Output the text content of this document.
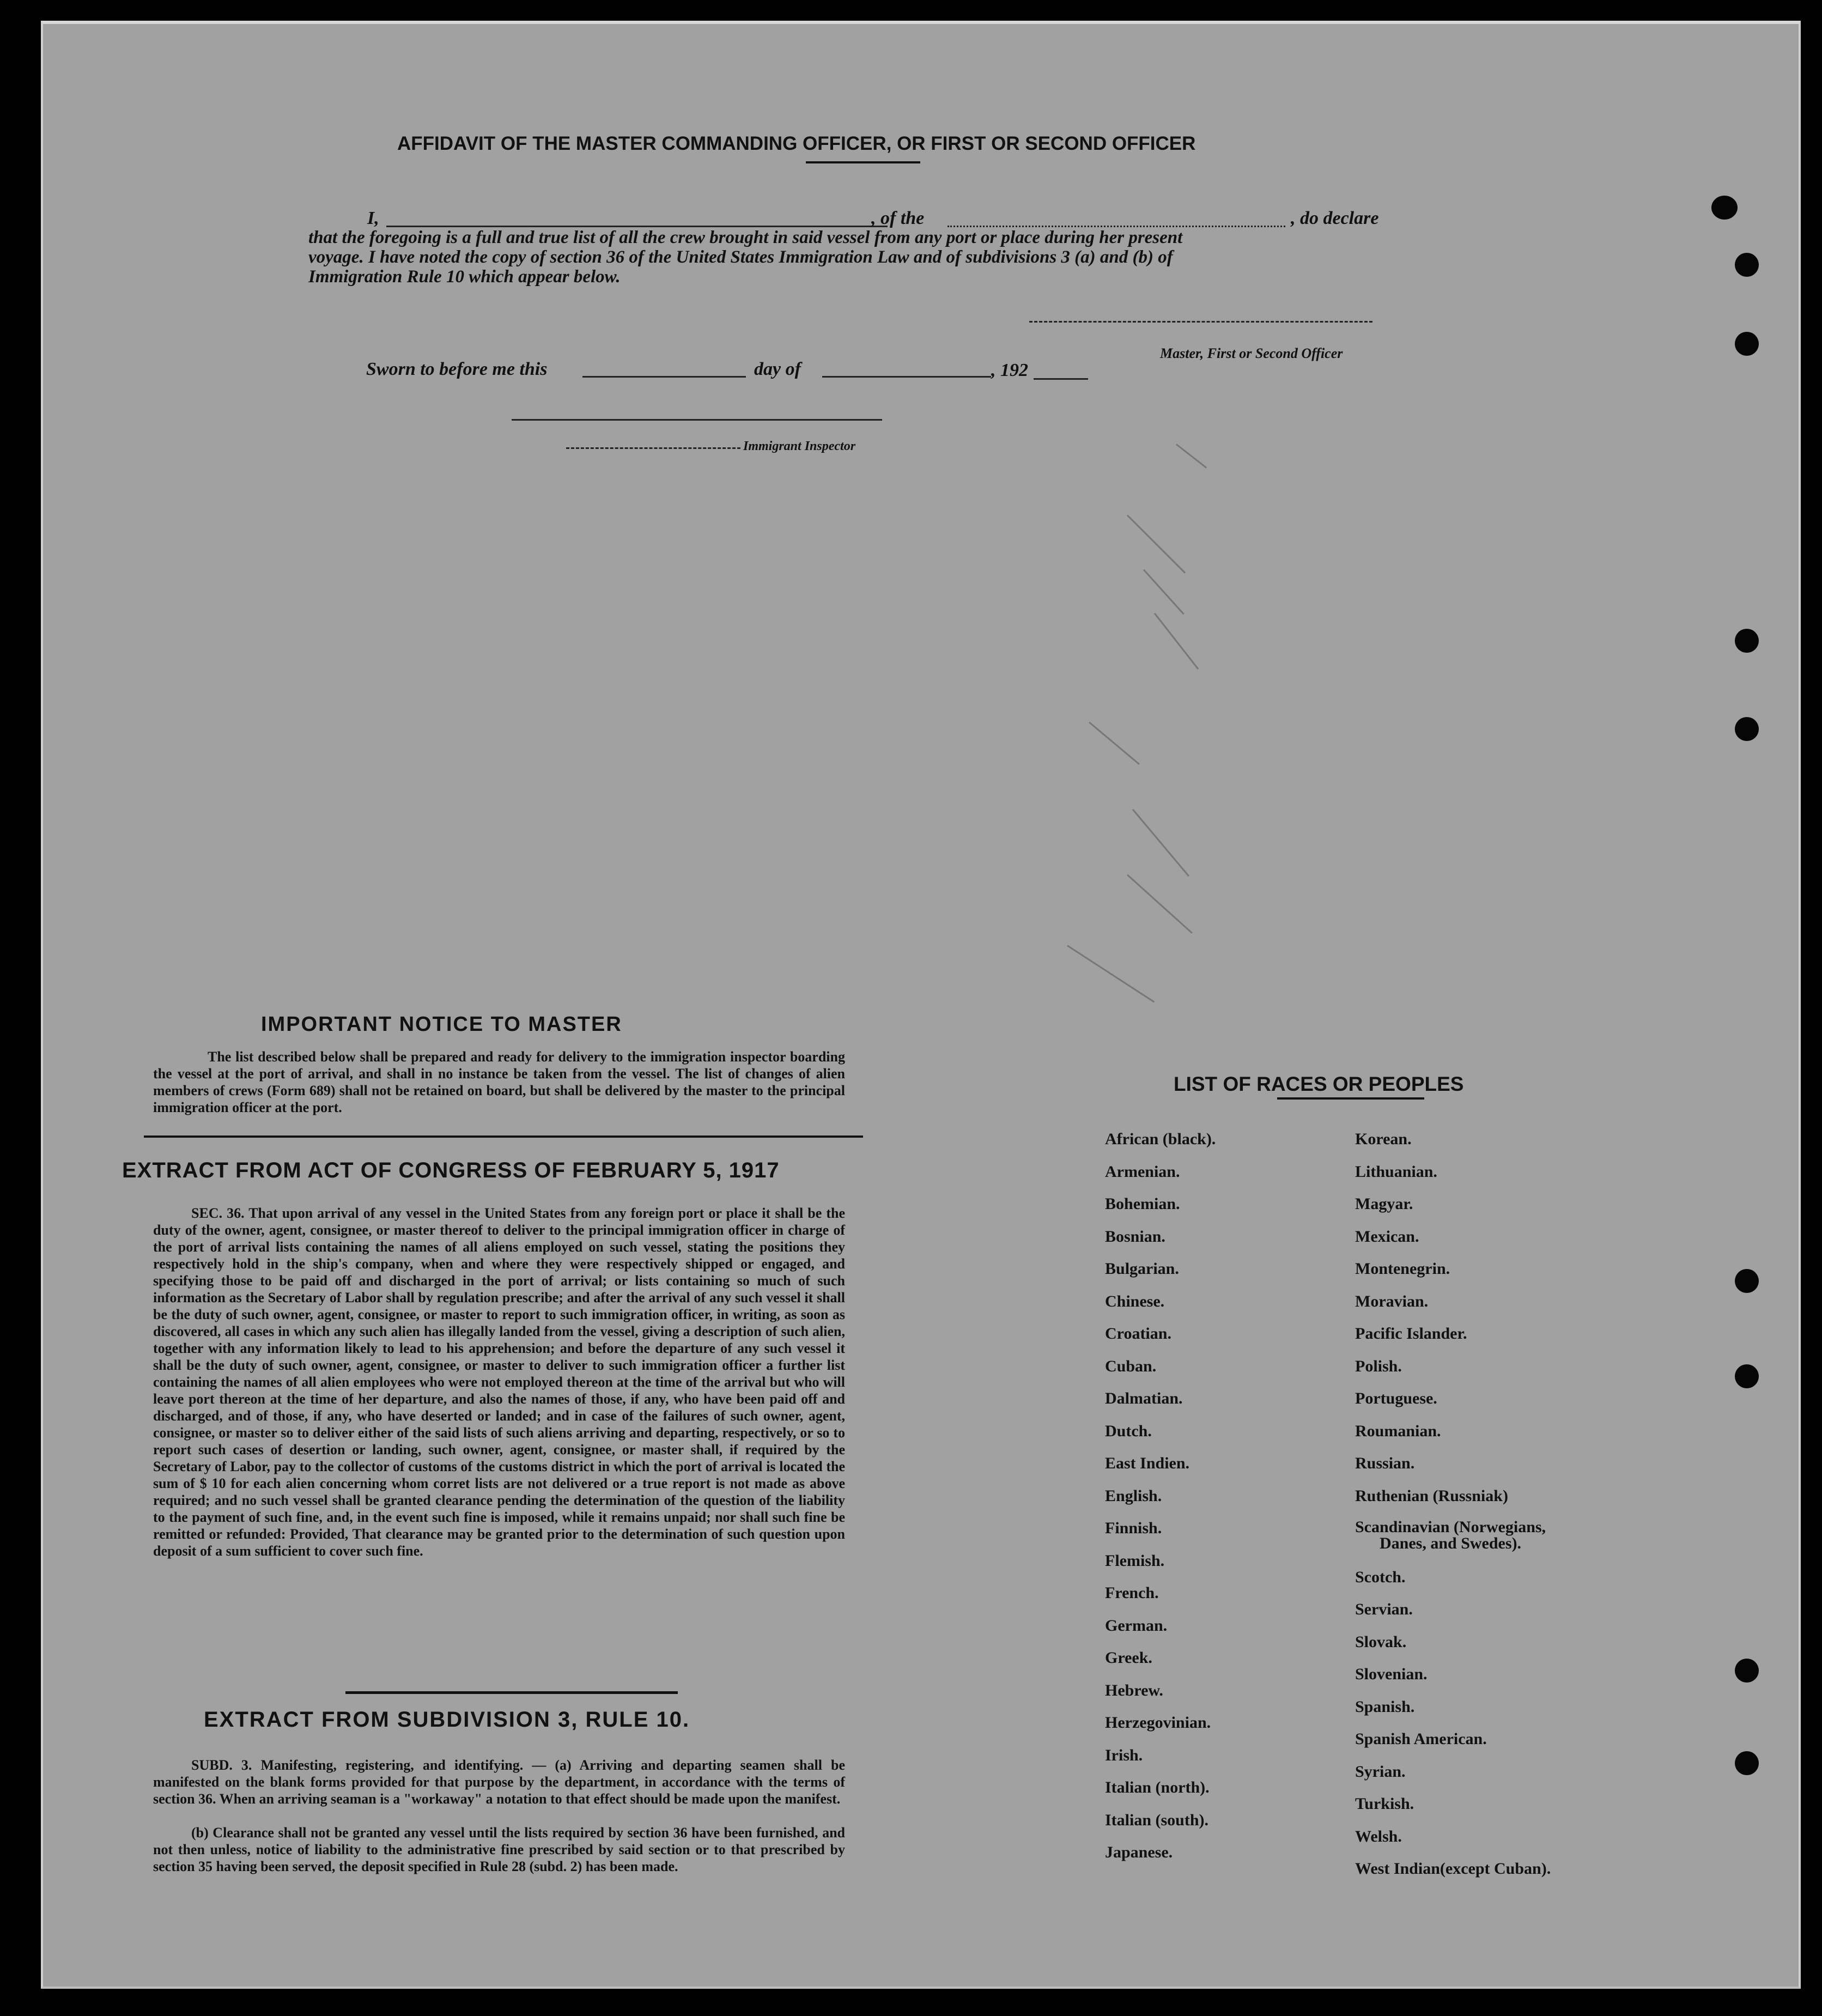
AFFIDAVIT OF THE MASTER COMMANDING OFFICER, OR FIRST OR SECOND OFFICER
I,	, of the	, do declare
that the foregoing is a full and true list of all the crew brought in said vessel from any port or place during her present
voyage. I have noted the copy of section 36 of the United States Immigration Law and of subdivisions 3 (a) and (b) of
Immigration Rule 10 which appear below.
Master, First or Second Officer
Sworn to before me this	day of	, 192
Immigrant Inspector
IMPORTANT NOTICE TO MASTER
The list described below shall be prepared and ready for delivery to the immigration inspector boarding the vessel at the port of arrival, and shall in no instance be taken from the vessel. The list of changes of alien members of crews (Form 689) shall not be retained on board, but shall be delivered by the master to the principal immigration officer at the port.
EXTRACT FROM ACT OF CONGRESS OF FEBRUARY 5, 1917
SEC. 36. That upon arrival of any vessel in the United States from any foreign port or place it shall be the duty of the owner, agent, consignee, or master thereof to deliver to the principal immigration officer in charge of the port of arrival lists containing the names of all aliens employed on such vessel, stating the positions they respectively hold in the ship's company, when and where they were respectively shipped or engaged, and specifying those to be paid off and discharged in the port of arrival; or lists containing so much of such information as the Secretary of Labor shall by regulation prescribe; and after the arrival of any such vessel it shall be the duty of such owner, agent, consignee, or master to report to such immigration officer, in writing, as soon as discovered, all cases in which any such alien has illegally landed from the vessel, giving a description of such alien, together with any information likely to lead to his apprehension; and before the departure of any such vessel it shall be the duty of such owner, agent, consignee, or master to deliver to such immigration officer a further list containing the names of all alien employees who were not employed thereon at the time of the arrival but who will leave port thereon at the time of her departure, and also the names of those, if any, who have been paid off and discharged, and of those, if any, who have deserted or landed; and in case of the failures of such owner, agent, consignee, or master so to deliver either of the said lists of such aliens arriving and departing, respectively, or so to report such cases of desertion or landing, such owner, agent, consignee, or master shall, if required by the Secretary of Labor, pay to the collector of customs of the customs district in which the port of arrival is located the sum of $ 10 for each alien concerning whom corret lists are not delivered or a true report is not made as above required; and no such vessel shall be granted clearance pending the determination of the question of the liability to the payment of such fine, and, in the event such fine is imposed, while it remains unpaid; nor shall such fine be remitted or refunded: Provided, That clearance may be granted prior to the determination of such question upon deposit of a sum sufficient to cover such fine.
EXTRACT FROM SUBDIVISION 3, RULE 10.
SUBD. 3. Manifesting, registering, and identifying. — (a) Arriving and departing seamen shall be manifested on the blank forms provided for that purpose by the department, in accordance with the terms of section 36. When an arriving seaman is a "workaway" a notation to that effect should be made upon the manifest.
(b) Clearance shall not be granted any vessel until the lists required by section 36 have been furnished, and not then unless, notice of liability to the administrative fine prescribed by said section or to that prescribed by section 35 having been served, the deposit specified in Rule 28 (subd. 2) has been made.
LIST OF RACES OR PEOPLES
African (black).
Armenian.
Bohemian.
Bosnian.
Bulgarian.
Chinese.
Croatian.
Cuban.
Dalmatian.
Dutch.
East Indien.
English.
Finnish.
Flemish.
French.
German.
Greek.
Hebrew.
Herzegovinian.
Irish.
Italian (north).
Italian (south).
Japanese.
Korean.
Lithuanian.
Magyar.
Mexican.
Montenegrin.
Moravian.
Pacific Islander.
Polish.
Portuguese.
Roumanian.
Russian.
Ruthenian (Russniak)
Scandinavian (Norwegians,
Danes, and Swedes).
Scotch.
Servian.
Slovak.
Slovenian.
Spanish.
Spanish American.
Syrian.
Turkish.
Welsh.
West Indian(except Cuban).
